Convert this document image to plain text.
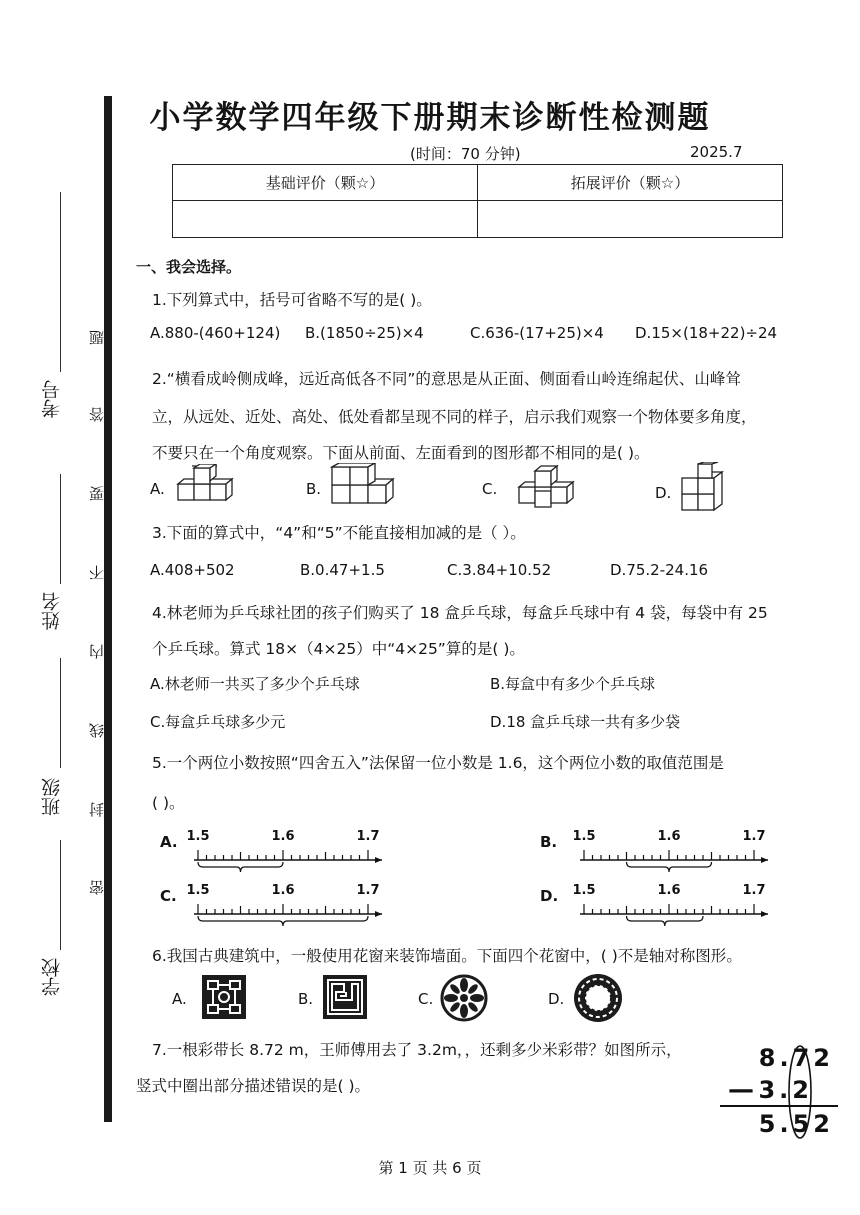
考号
姓名
班级
学校
题
答
要
不
内
线
封
密
小学数学四年级下册期末诊断性检测题
(时间：70 分钟)	2025.7
基础评价（颗☆）	拓展评价（颗☆）

一、我会选择。
1.下列算式中，括号可省略不写的是( )。
A.880-(460+124) B.(1850÷25)×4	C.636-(17+25)×4 D.15×(18+22)÷24
2.“横看成岭侧成峰，远近高低各不同”的意思是从正面、侧面看山岭连绵起伏、山峰耸
立，从远处、近处、高处、低处看都呈现不同的样子，启示我们观察一个物体要多角度，
不要只在一个角度观察。下面从前面、左面看到的图形都不相同的是( )。
A.	B.	C.	D.
3.下面的算式中，“4”和“5”不能直接相加减的是（ ）。
A.408+502	B.0.47+1.5	C.3.84+10.52	D.75.2-24.16
4.林老师为乒乓球社团的孩子们购买了 18 盒乒乓球，每盒乒乓球中有 4 袋，每袋中有 25
个乒乓球。算式 18×（4×25）中“4×25”算的是( )。
A.林老师一共买了多少个乒乓球	B.每盒中有多少个乒乓球
C.每盒乒乓球多少元	D.18 盒乒乓球一共有多少袋
5.一个两位小数按照“四舍五入”法保留一位小数是 1.6，这个两位小数的取值范围是
( )。
A.	B.
C.	D.
1.5	1.6	1.7	1.5	1.6	1.7
1.5	1.6	1.7	1.5	1.6	1.7
6.我国古典建筑中，一般使用花窗来装饰墙面。下面四个花窗中，( )不是轴对称图形。
A.	B.	C.	D.
7.一根彩带长 8.72 m，王师傅用去了 3.2m，，还剩多少米彩带？如图所示，
竖式中圈出部分描述错误的是( )。
8.72
— 3.2
5.52
第 1 页 共 6 页
